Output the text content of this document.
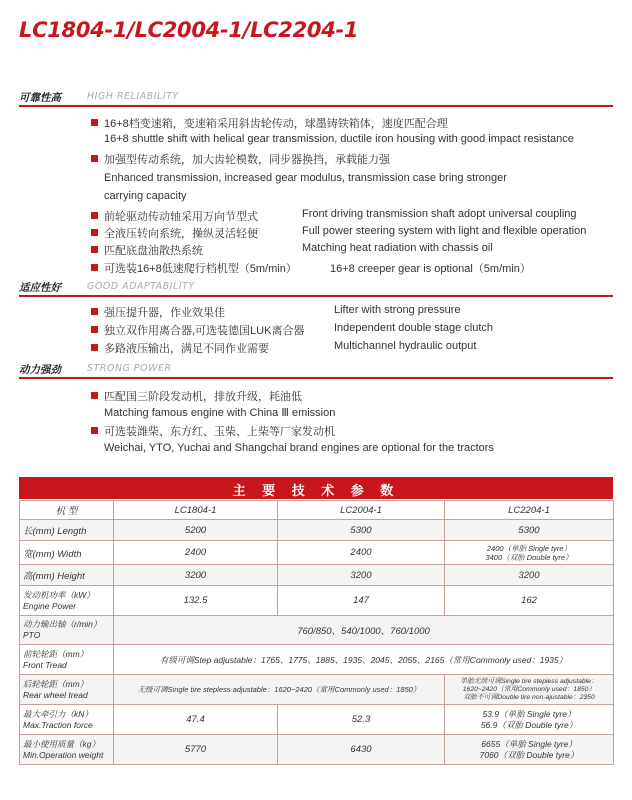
LC1804-1/LC2004-1/LC2204-1
可靠性高	HIGH RELIABILITY
16+8档变速箱，变速箱采用斜齿轮传动，球墨铸铁箱体，速度匹配合理
16+8 shuttle shift with helical gear transmission, ductile iron housing with good impact resistance
加强型传动系统，加大齿轮模数，同步器换挡，承载能力强
Enhanced transmission, increased gear modulus, transmission case bring stronger
carrying capacity
前轮驱动传动轴采用万向节型式	Front driving transmission shaft adopt universal coupling
全液压转向系统，操纵灵活轻便	Full power steering system with light and flexible operation
匹配底盘油散热系统	Matching heat radiation with chassis oil
可选装16+8低速爬行档机型（5m/min）	16+8 creeper gear is optional（5m/min）
适应性好	GOOD ADAPTABILITY
强压提升器，作业效果佳	Lifter with strong pressure
独立双作用离合器,可选装德国LUK离合器	Independent double stage clutch
多路液压输出，满足不同作业需要	Multichannel hydraulic output
动力强劲	STRONG POWER
匹配国三阶段发动机，排放升级，耗油低
Matching famous engine with China Ⅲ emission
可选装潍柴、东方红、玉柴、上柴等厂家发动机
Weichai, YTO, Yuchai and Shangchai brand engines are optional for the tractors
主 要 技 术 参 数
机 型	LC1804-1	LC2004-1	LC2204-1
长(mm) Length	5200	5300	5300
宽(mm) Width	2400	2400	2400（单胎 Single tyre）
3400（双胎 Double tyre）

高(mm) Height	3200	3200	3200

发动机功率（kW）
Engine Power	132.5	147	162

动力输出轴（r/min）
PTO	760/850、540/1000、760/1000		

前轮轮距（mm）
Front Tread	有级可调Step adjustable：1765、1775、1885、1935、2045、2055、2165（常用Commonly used：1935）		

后轮轮距（mm）
Rear wheel tread	无级可调Single tire stepless adjustable：1620~2420（常用Commonly used：1850）		单胎无级可调Single tire stepless adjustable：
1620~2420（常用Commonly used：1850）
双胎不可调Double tire non-ajustable：2350

最大牵引力（kN）
Max.Traction force	47.4	52.3	53.9（单胎 Single tyre）
56.9（双胎 Double tyre）

最小使用质量（kg）
Min.Operation weight	5770	6430	6655（单胎 Single tyre）
7060（双胎 Double tyre）
